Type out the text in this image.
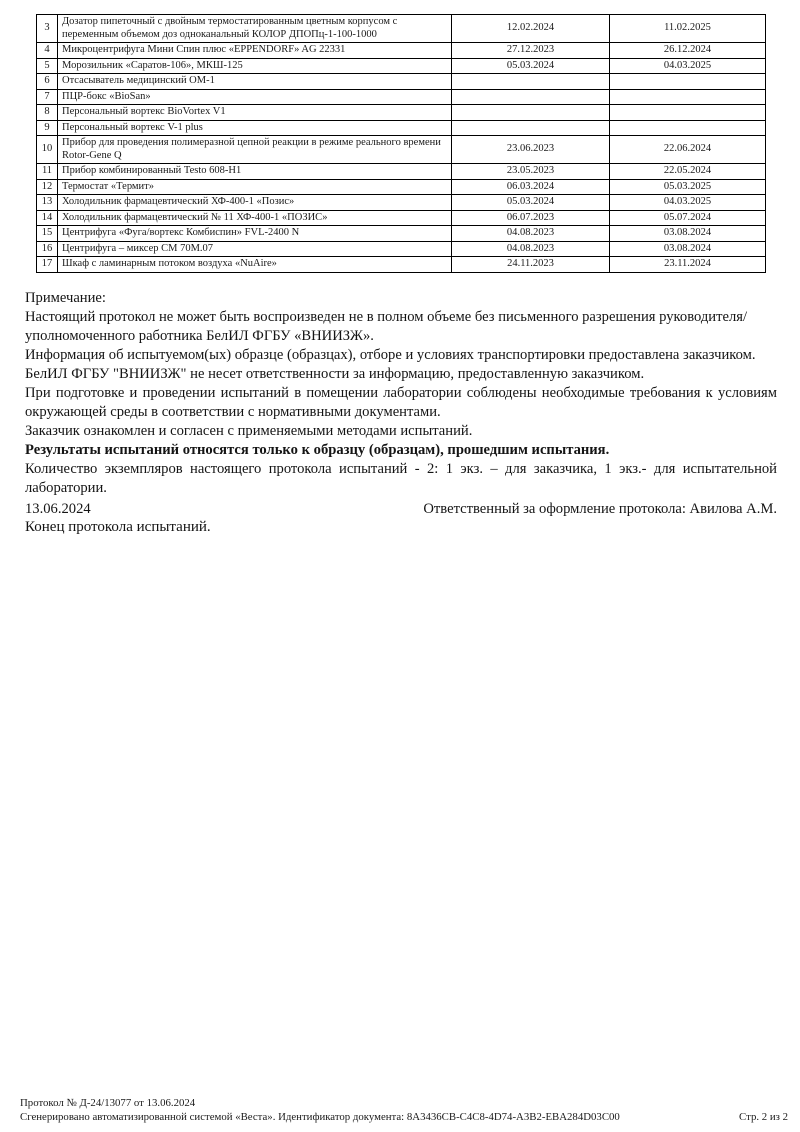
3	Дозатор пипеточный с двойным термостатированным цветным корпусом с переменным объемом доз одноканальный КОЛОР ДПОПц-1-100-1000	12.02.2024	11.02.2025
4	Микроцентрифуга Мини Спин плюс «EPPENDORF» AG 22331	27.12.2023	26.12.2024
5	Морозильник «Саратов-106», МКШ-125	05.03.2024	04.03.2025
6	Отсасыватель медицинский ОМ-1		
7	ПЦР-бокс «BioSan»		
8	Персональный вортекс BioVortex V1		
9	Персональный вортекс V-1 plus		
10	Прибор для проведения полимеразной цепной реакции в режиме реального времени Rotor-Gene Q	23.06.2023	22.06.2024
11	Прибор комбинированный Testo 608-H1	23.05.2023	22.05.2024
12	Термостат «Термит»	06.03.2024	05.03.2025
13	Холодильник фармацевтический ХФ-400-1 «Позис»	05.03.2024	04.03.2025
14	Холодильник фармацевтический № 11 ХФ-400-1 «ПОЗИС»	06.07.2023	05.07.2024
15	Центрифуга «Фуга/вортекс Комбиспин» FVL-2400 N	04.08.2023	03.08.2024
16	Центрифуга – миксер СМ 70М.07	04.08.2023	03.08.2024
17	Шкаф с ламинарным потоком воздуха «NuAire»	24.11.2023	23.11.2024

Примечание:

Настоящий протокол не может быть воспроизведен не в полном объеме без письменного разрешения руководителя/уполномоченного работника БелИЛ ФГБУ «ВНИИЗЖ».

Информация об испытуемом(ых) образце (образцах), отборе и условиях транспортировки предоставлена заказчиком.

БелИЛ ФГБУ "ВНИИЗЖ" не несет ответственности за информацию, предоставленную заказчиком.

При подготовке и проведении испытаний в помещении лаборатории соблюдены необходимые требования к условиям окружающей среды в соответствии с нормативными документами.

Заказчик ознакомлен и согласен с применяемыми методами испытаний.

Результаты испытаний относятся только к образцу (образцам), прошедшим испытания.

Количество экземпляров настоящего протокола испытаний - 2: 1 экз. – для заказчика, 1 экз.- для испытательной лаборатории.

13.06.2024	Ответственный за оформление протокола: Авилова А.М.
Конец протокола испытаний.
Протокол № Д-24/13077 от 13.06.2024
Сгенерировано автоматизированной системой «Веста». Идентификатор документа: 8A3436CB-C4C8-4D74-A3B2-EBA284D03C00	Стр. 2 из 2
